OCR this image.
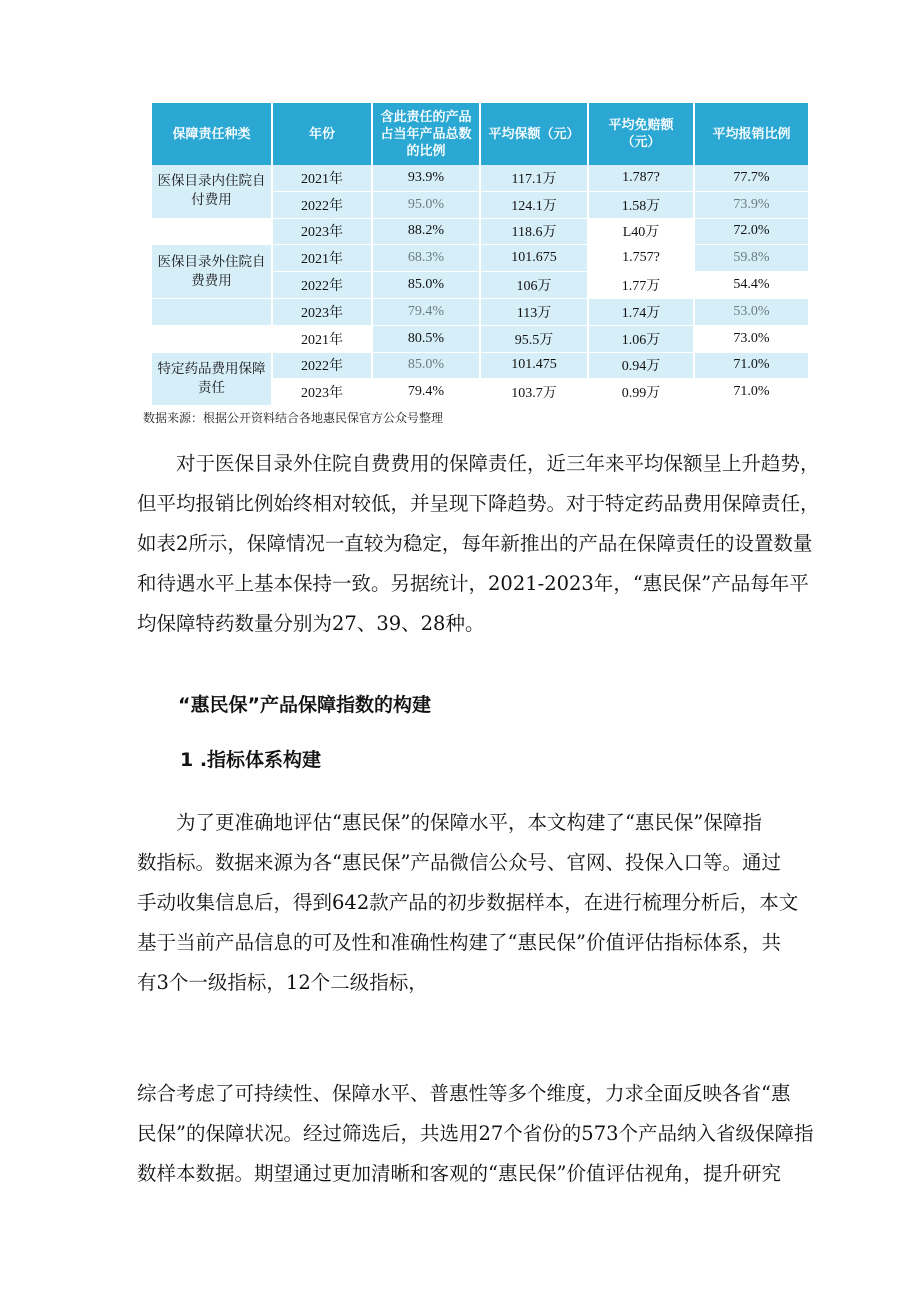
保障责任种类	年份	含此责任的产品占当年产品总数的比例	平均保额（元）	平均免赔额（元）	平均报销比例
医保目录内住院自付费用	2021年	93.9%	117.1万	1.787?	77.7%
	2022年	95.0%	124.1万	1.58万	73.9%
	2023年	88.2%	118.6万	L40万	72.0%
医保目录外住院自费费用	2021年	68.3%	101.675	1.757?	59.8%
	2022年	85.0%	106万	1.77万	54.4%
	2023年	79.4%	113万	1.74万	53.0%
	2021年	80.5%	95.5万	1.06万	73.0%
特定药品费用保障责任	2022年	85.0%	101.475	0.94万	71.0%
	2023年	79.4%	103.7万	0.99万	71.0%
数据来源：根据公开资料结合各地惠民保官方公众号整理

对于医保目录外住院自费费用的保障责任，近三年来平均保额呈上升趋势，
但平均报销比例始终相对较低，并呈现下降趋势。对于特定药品费用保障责任，
如表2所示，保障情况一直较为稳定，每年新推出的产品在保障责任的设置数量
和待遇水平上基本保持一致。另据统计，2021-2023年，“惠民保”产品每年平
均保障特药数量分别为27、39、28种。

“惠民保”产品保障指数的构建
1 .指标体系构建

为了更准确地评估“惠民保”的保障水平，本文构建了“惠民保”保障指
数指标。数据来源为各“惠民保”产品微信公众号、官网、投保入口等。通过
手动收集信息后，得到642款产品的初步数据样本，在进行梳理分析后，本文
基于当前产品信息的可及性和准确性构建了“惠民保”价值评估指标体系，共
有3个一级指标，12个二级指标，

综合考虑了可持续性、保障水平、普惠性等多个维度，力求全面反映各省“惠
民保”的保障状况。经过筛选后，共选用27个省份的573个产品纳入省级保障指
数样本数据。期望通过更加清晰和客观的“惠民保”价值评估视角，提升研究
